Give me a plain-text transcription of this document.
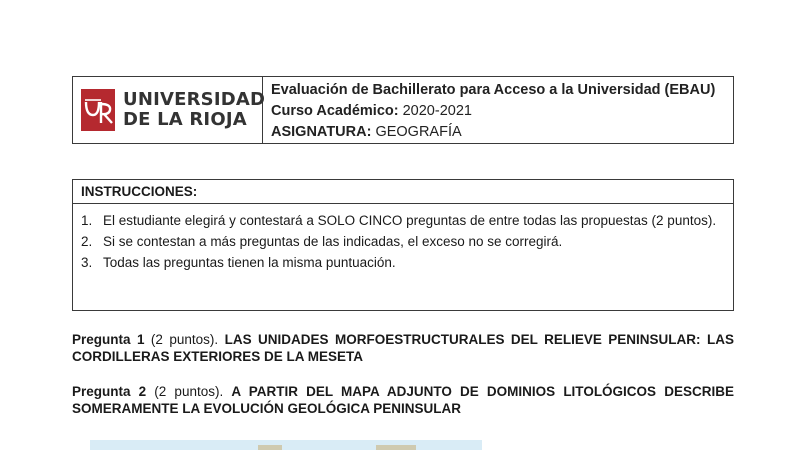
UNIVERSIDAD
DE LA RIOJA
Evaluación de Bachillerato para Acceso a la Universidad (EBAU)
Curso Académico: 2020-2021
ASIGNATURA: GEOGRAFÍA
INSTRUCCIONES:
1. El estudiante elegirá y contestará a SOLO CINCO preguntas de entre todas las propuestas (2 puntos).
2. Si se contestan a más preguntas de las indicadas, el exceso no se corregirá.
3. Todas las preguntas tienen la misma puntuación.
Pregunta 1 (2 puntos). LAS UNIDADES MORFOESTRUCTURALES DEL RELIEVE PENINSULAR: LAS CORDILLERAS EXTERIORES DE LA MESETA
Pregunta 2 (2 puntos). A PARTIR DEL MAPA ADJUNTO DE DOMINIOS LITOLÓGICOS DESCRIBE SOMERAMENTE LA EVOLUCIÓN GEOLÓGICA PENINSULAR
